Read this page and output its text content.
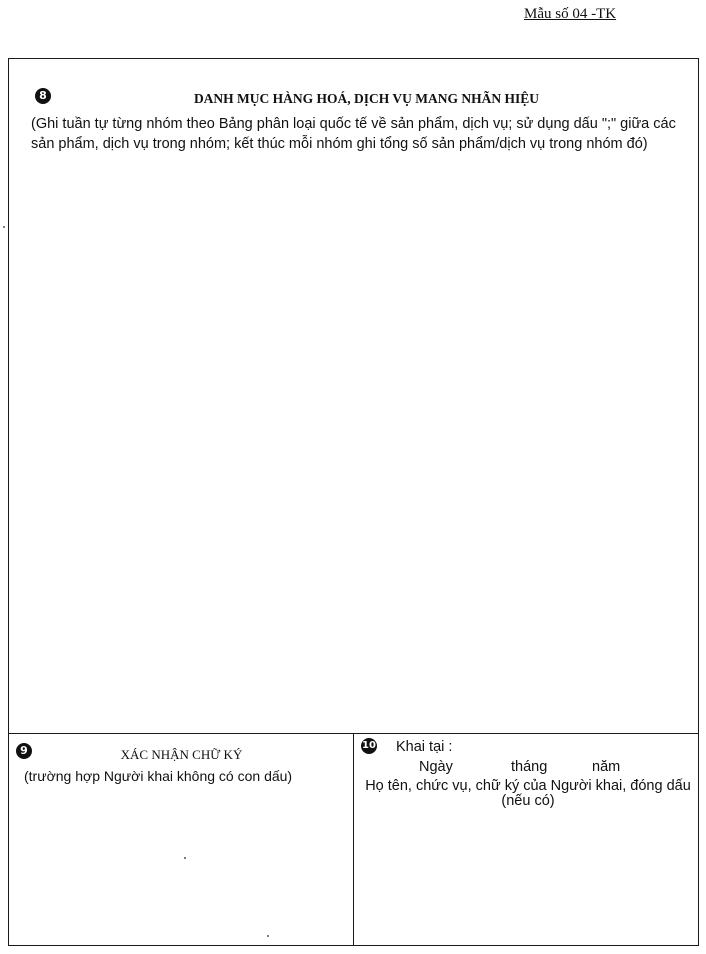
Mẫu số 04 -TK
8	DANH MỤC HÀNG HOÁ, DỊCH VỤ MANG NHÃN HIỆU
(Ghi tuần tự từng nhóm theo Bảng phân loại quốc tế về sản phẩm, dịch vụ; sử dụng dấu ";" giữa các sản phẩm, dịch vụ trong nhóm; kết thúc mỗi nhóm ghi tổng số sản phẩm/dịch vụ trong nhóm đó)
9	XÁC NHẬN CHỮ KÝ
(trường hợp Người khai không có con dấu)
10 Khai tại :
Ngày	tháng	năm
Họ tên, chức vụ, chữ ký của Người khai, đóng dấu (nếu có)
